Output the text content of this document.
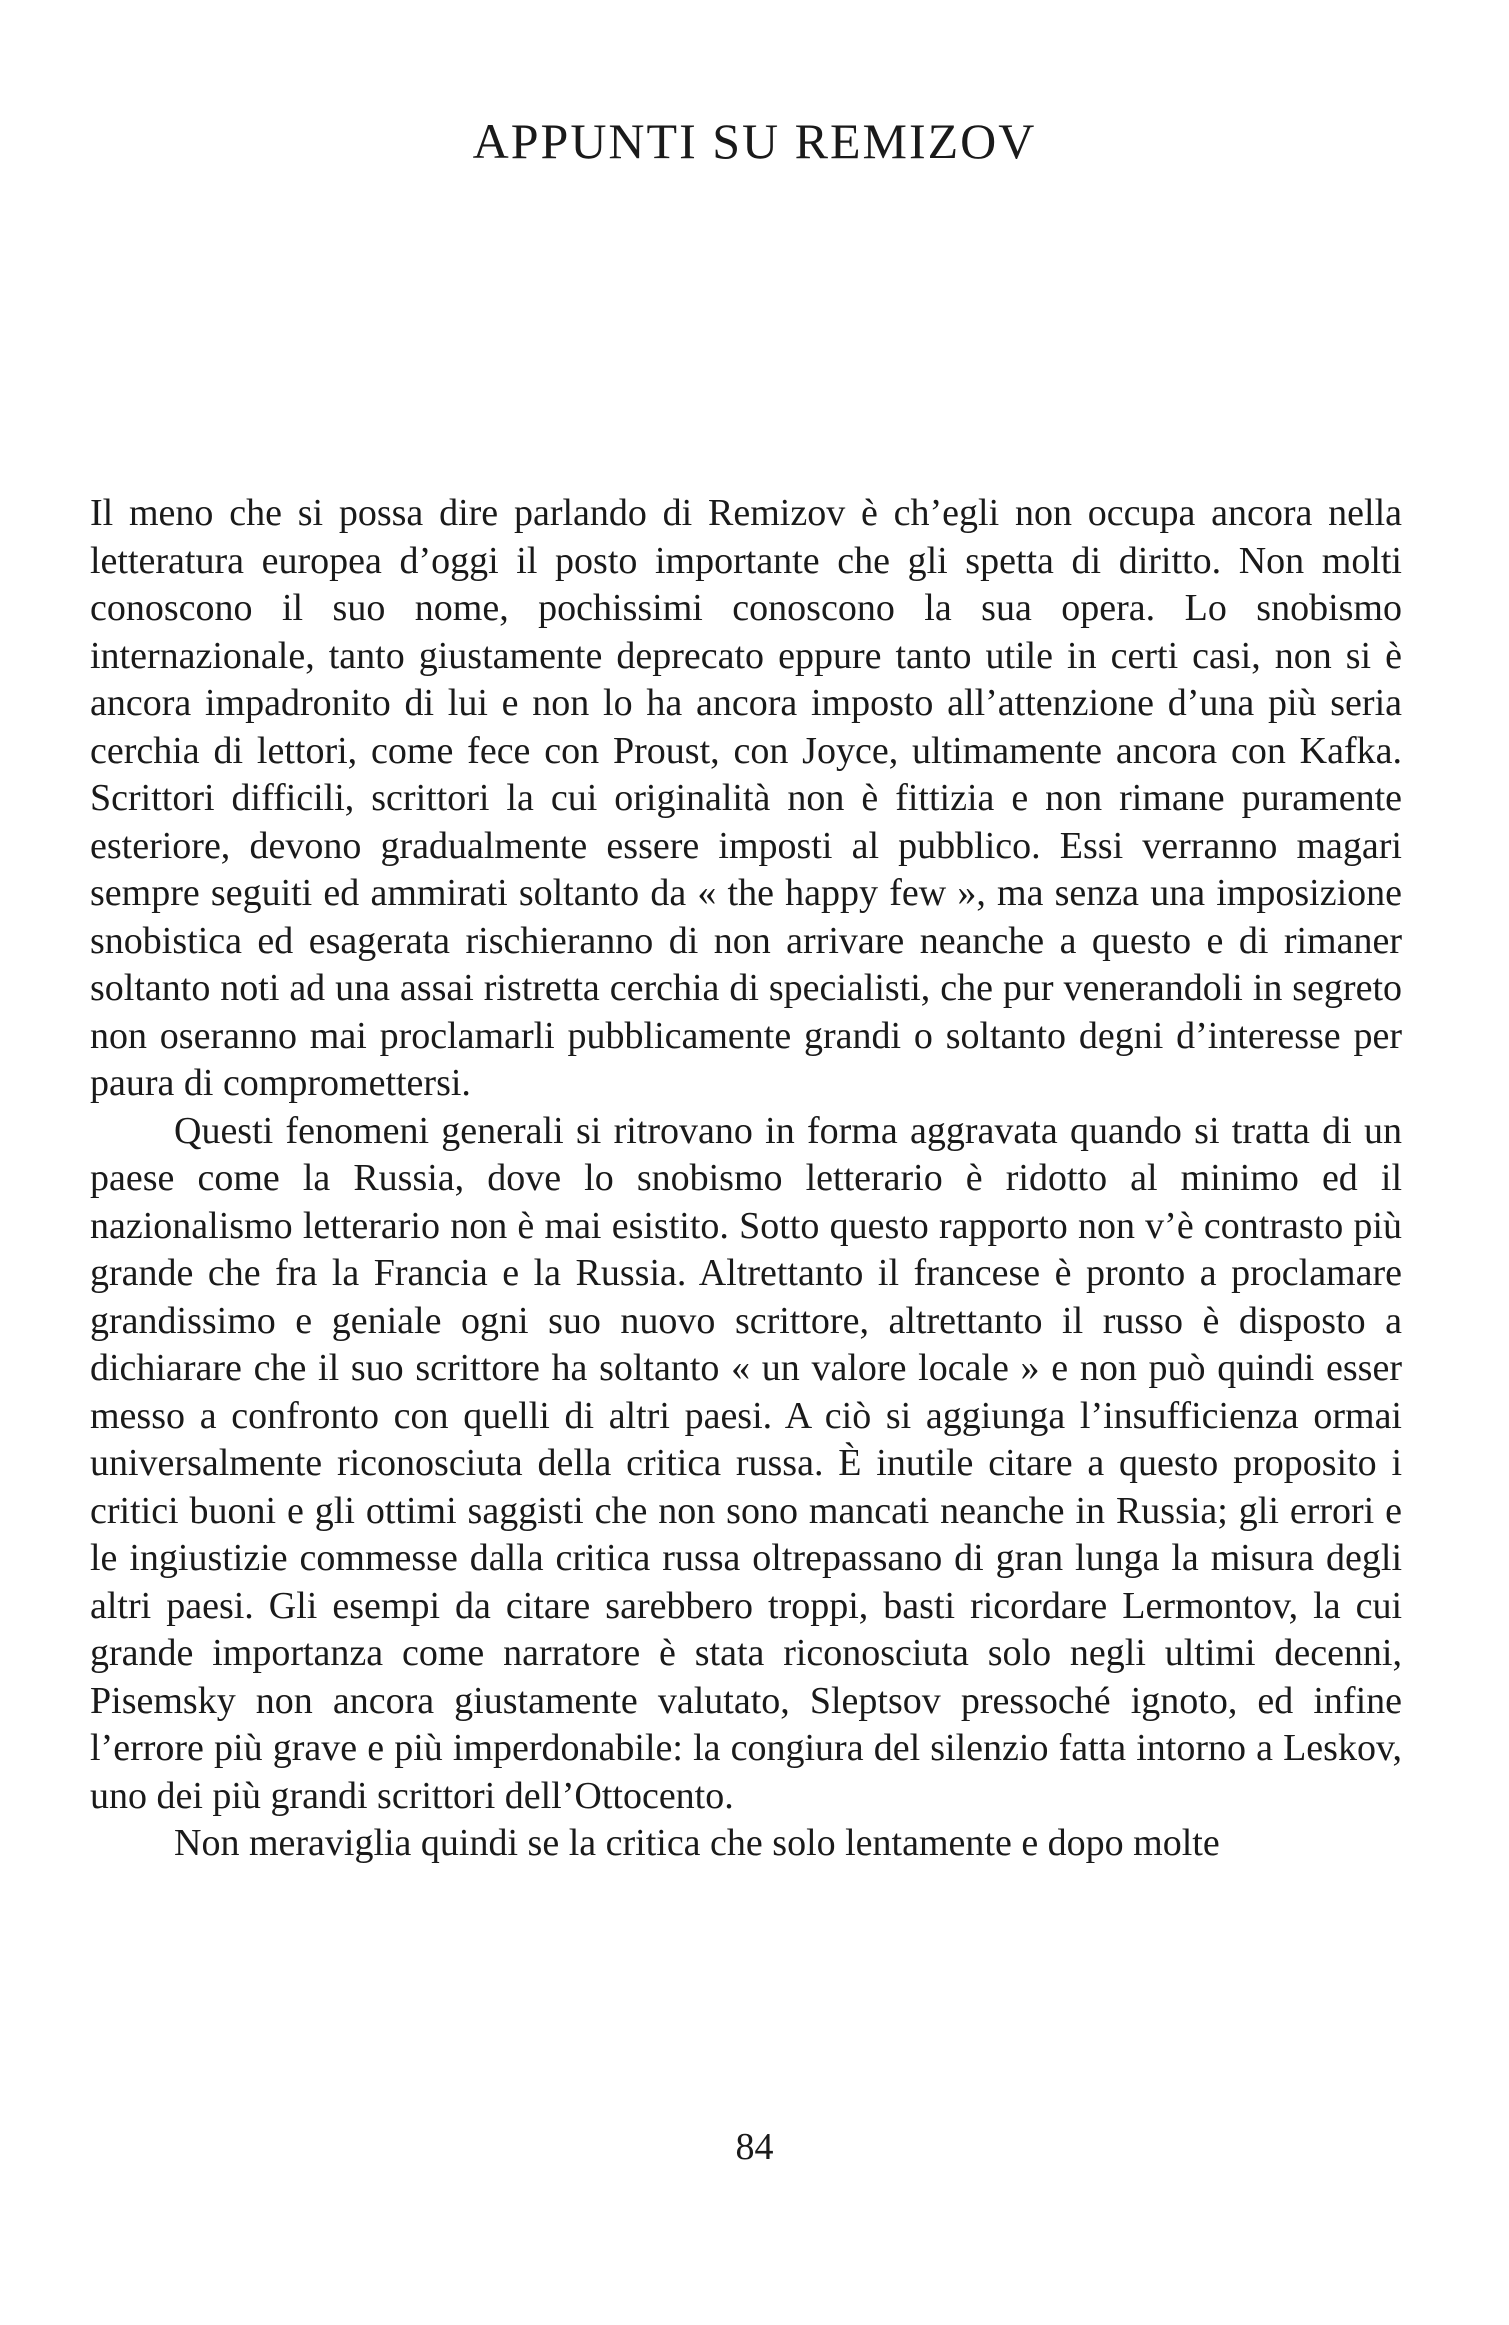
APPUNTI SU REMIZOV

Il meno che si possa dire parlando di Remizov è ch’egli non occupa ancora nella letteratura europea d’oggi il posto importante che gli spetta di diritto. Non molti conoscono il suo nome, pochissimi conoscono la sua opera. Lo snobismo internazionale, tanto giustamente deprecato eppure tanto utile in certi casi, non si è ancora impadronito di lui e non lo ha ancora imposto all’attenzione d’una più seria cerchia di lettori, come fece con Proust, con Joyce, ultimamente ancora con Kafka. Scrittori difficili, scrittori la cui originalità non è fittizia e non rimane puramente esteriore, devono gradualmente essere imposti al pubblico. Essi verranno magari sempre seguiti ed ammirati soltanto da « the happy few », ma senza una imposizione snobistica ed esagerata rischieranno di non arrivare neanche a questo e di rimaner soltanto noti ad una assai ristretta cerchia di specialisti, che pur venerandoli in segreto non oseranno mai proclamarli pubblicamente grandi o soltanto degni d’interesse per paura di compromettersi.

Questi fenomeni generali si ritrovano in forma aggravata quando si tratta di un paese come la Russia, dove lo snobismo letterario è ridotto al minimo ed il nazionalismo letterario non è mai esistito. Sotto questo rapporto non v’è contrasto più grande che fra la Francia e la Russia. Altrettanto il francese è pronto a proclamare grandissimo e geniale ogni suo nuovo scrittore, altrettanto il russo è disposto a dichiarare che il suo scrittore ha soltanto « un valore locale » e non può quindi esser messo a confronto con quelli di altri paesi. A ciò si aggiunga l’insufficienza ormai universalmente riconosciuta della critica russa. È inutile citare a questo proposito i critici buoni e gli ottimi saggisti che non sono mancati neanche in Russia; gli errori e le ingiustizie commesse dalla critica russa oltrepassano di gran lunga la misura degli altri paesi. Gli esempi da citare sarebbero troppi, basti ricordare Lermontov, la cui grande importanza come narratore è stata riconosciuta solo negli ultimi decenni, Pisemsky non ancora giustamente valutato, Sleptsov pressoché ignoto, ed infine l’errore più grave e più imperdonabile: la congiura del silenzio fatta intorno a Leskov, uno dei più grandi scrittori dell’Ottocento.

Non meraviglia quindi se la critica che solo lentamente e dopo molte

84
